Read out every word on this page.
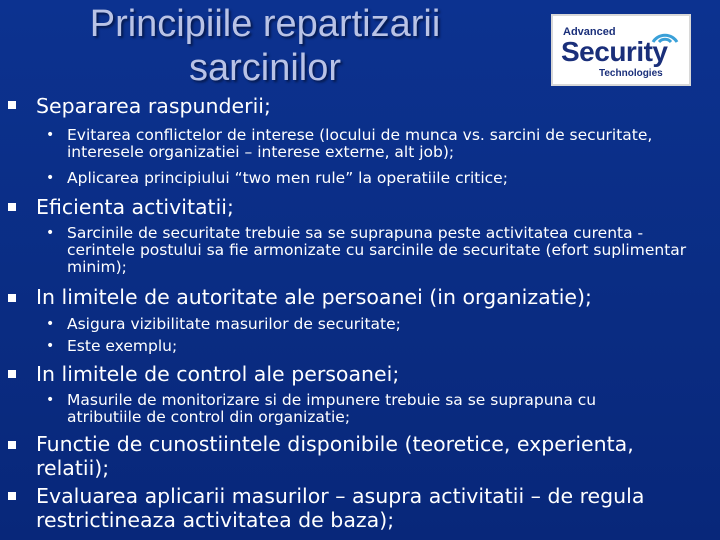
Principiile repartizarii
sarcinilor
Advanced
Security
Technologies
Separarea raspunderii;
• Evitarea conflictelor de interese (locului de munca vs. sarcini de securitate, interesele organizatiei – interese externe, alt job);
• Aplicarea principiului “two men rule” la operatiile critice;
Eficienta activitatii;
• Sarcinile de securitate trebuie sa se suprapuna peste activitatea curenta - cerintele postului sa fie armonizate cu sarcinile de securitate (efort suplimentar minim);
In limitele de autoritate ale persoanei (in organizatie);
• Asigura vizibilitate masurilor de securitate;
• Este exemplu;
In limitele de control ale persoanei;
• Masurile de monitorizare si de impunere trebuie sa se suprapuna cu atributiile de control din organizatie;
Functie de cunostiintele disponibile (teoretice, experienta, relatii);
Evaluarea aplicarii masurilor – asupra activitatii – de regula restrictineaza activitatea de baza);
